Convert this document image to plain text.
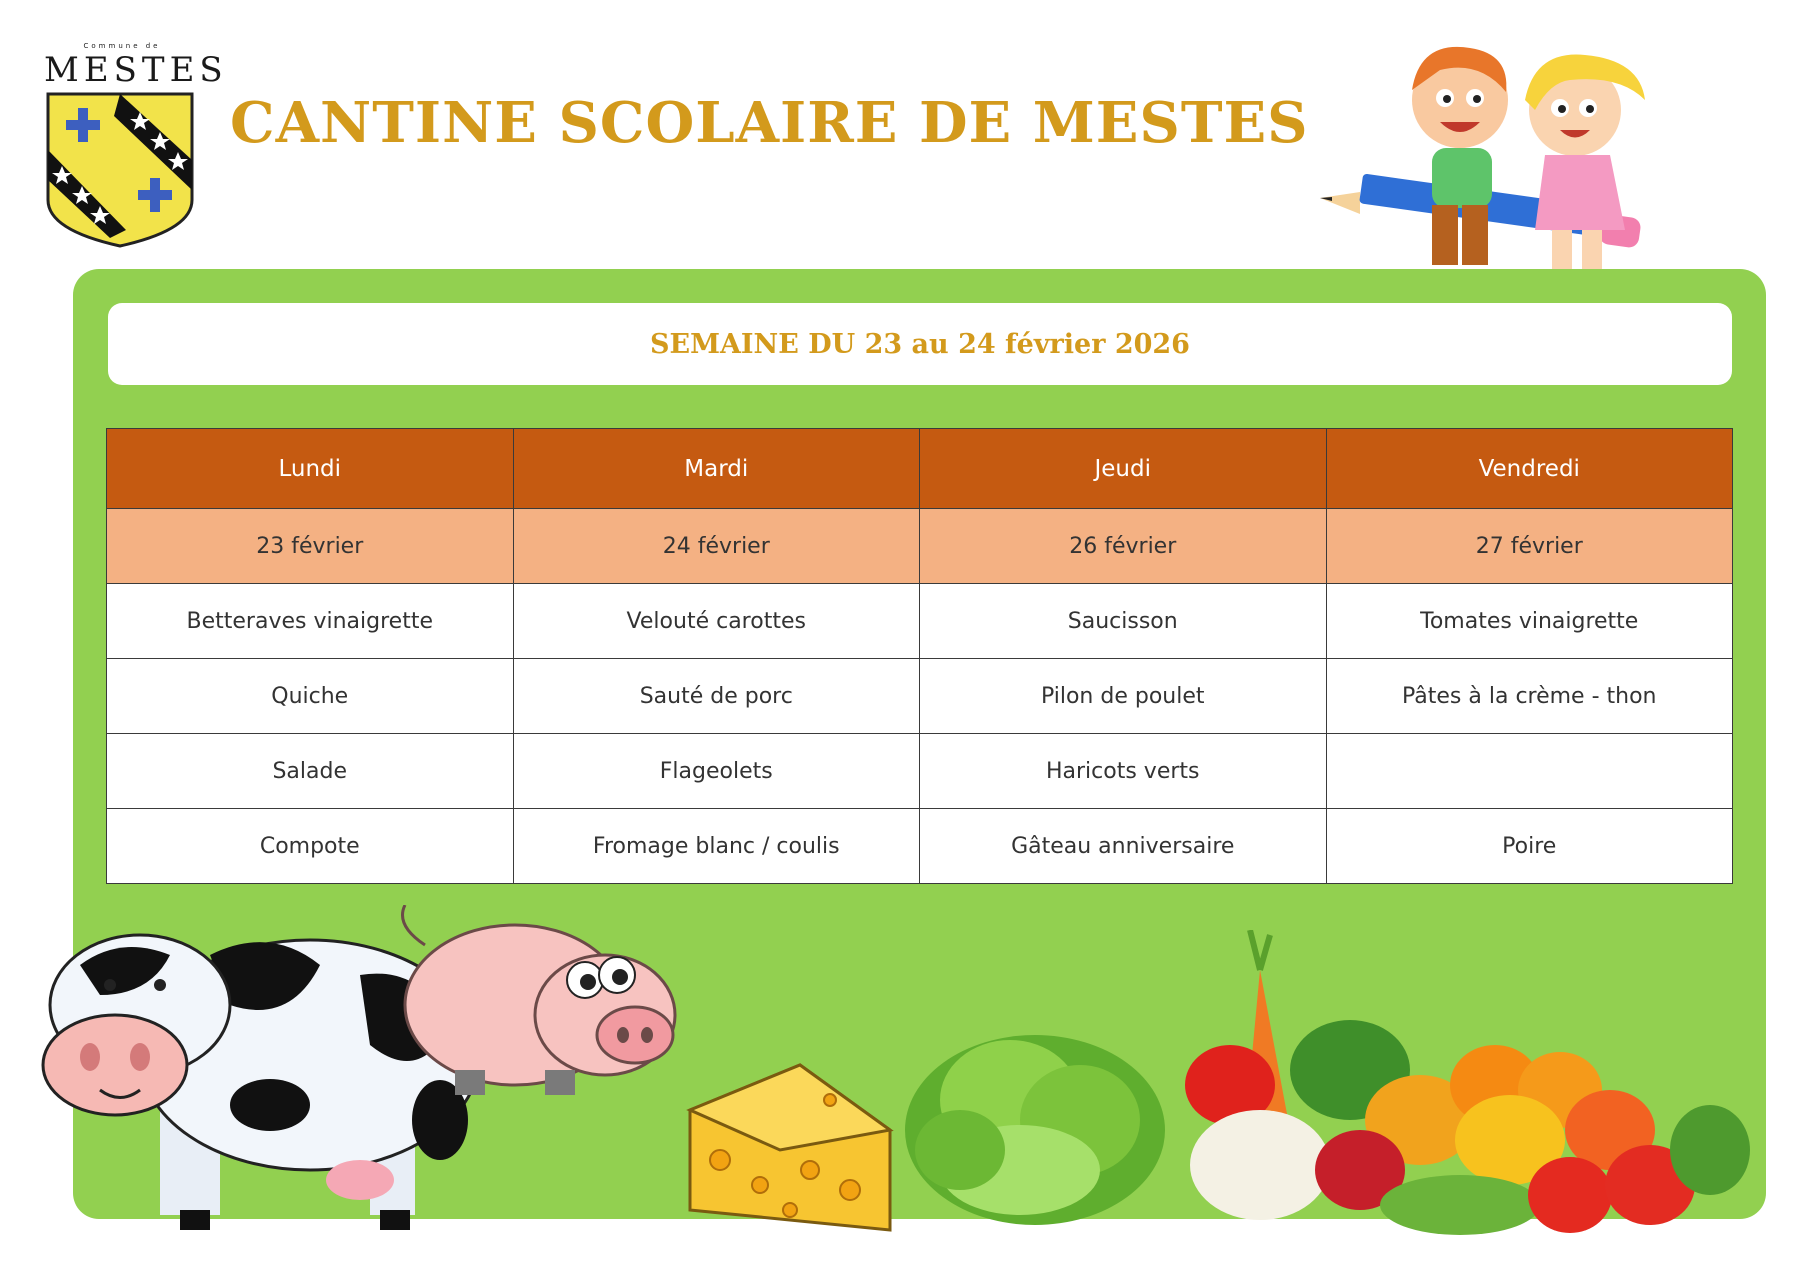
Commune de
MESTES
CANTINE SCOLAIRE DE MESTES
SEMAINE DU 23 au 24 février 2026
Lundi	Mardi	Jeudi	Vendredi
23 février	24 février	26 février	27 février
Betteraves vinaigrette	Velouté carottes	Saucisson	Tomates vinaigrette
Quiche	Sauté de porc	Pilon de poulet	Pâtes à la crème - thon
Salade	Flageolets	Haricots verts	
Compote	Fromage blanc / coulis	Gâteau anniversaire	Poire
